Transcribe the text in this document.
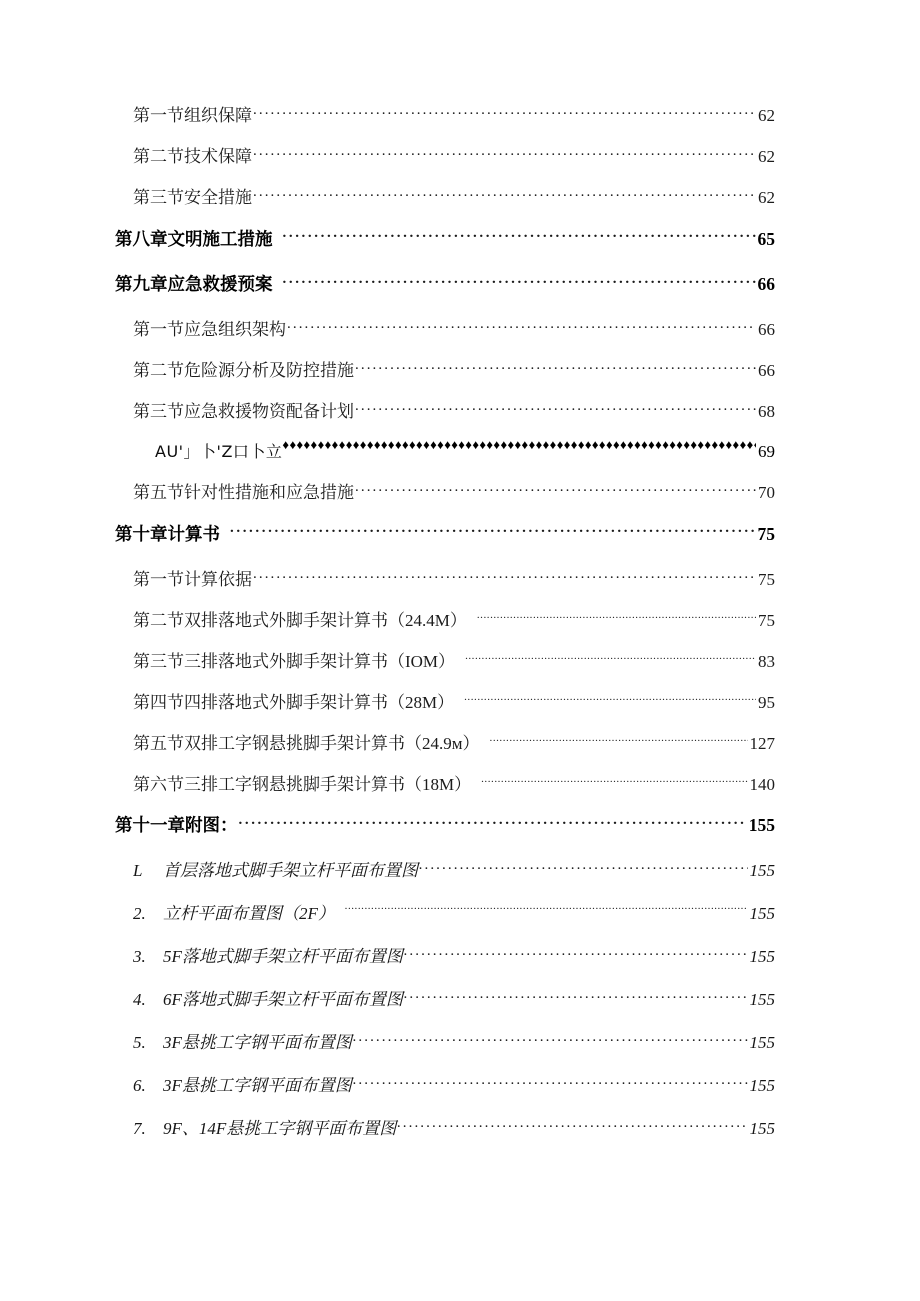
第一节组织保障 .....	62
第二节技术保障 .....	62
第三节安全措施 .....	62
第八章文明施工措施 .....	65
第九章应急救援预案 .....	66
第一节应急组织架构 .....	66
第二节危险源分析及防控措施 .....	66
第三节应急救援物资配备计划 .....	68
AU'」卜'Z口卜立 ♦♦♦♦♦♦♦♦♦♦♦♦♦♦♦♦♦♦♦♦♦♦♦♦♦♦♦♦♦♦♦♦♦♦♦♦♦♦♦♦♦♦♦♦♦♦♦♦♦♦♦♦♦♦♦♦♦♦♦♦♦♦♦♦♦♦♦♦♦♦♦♦♦♦♦♦♦♦♦♦♦♦♦♦	69
第五节针对性措施和应急措施 .....	70
第十章计算书 .....	75
第一节计算依据 .....	75
第二节双排落地式外脚手架计算书（24.4M） .....	75
第三节三排落地式外脚手架计算书（IOM） .....	83
第四节四排落地式外脚手架计算书（28M） .....	95
第五节双排工字钢悬挑脚手架计算书（24.9м） .....	127
第六节三排工字钢悬挑脚手架计算书（18M） .....	140
第十一章附图： .....	155
L	首层落地式脚手架立杆平面布置图 .....	155
2.	立杆平面布置图（2F） .....	155
3.	5F落地式脚手架立杆平面布置图 .....	155
4.	6F落地式脚手架立杆平面布置图 .....	155
5.	3F悬挑工字钢平面布置图 .....	155
6.	3F悬挑工字钢平面布置图 .....	155
7.	9F、14F悬挑工字钢平面布置图 .....	155
